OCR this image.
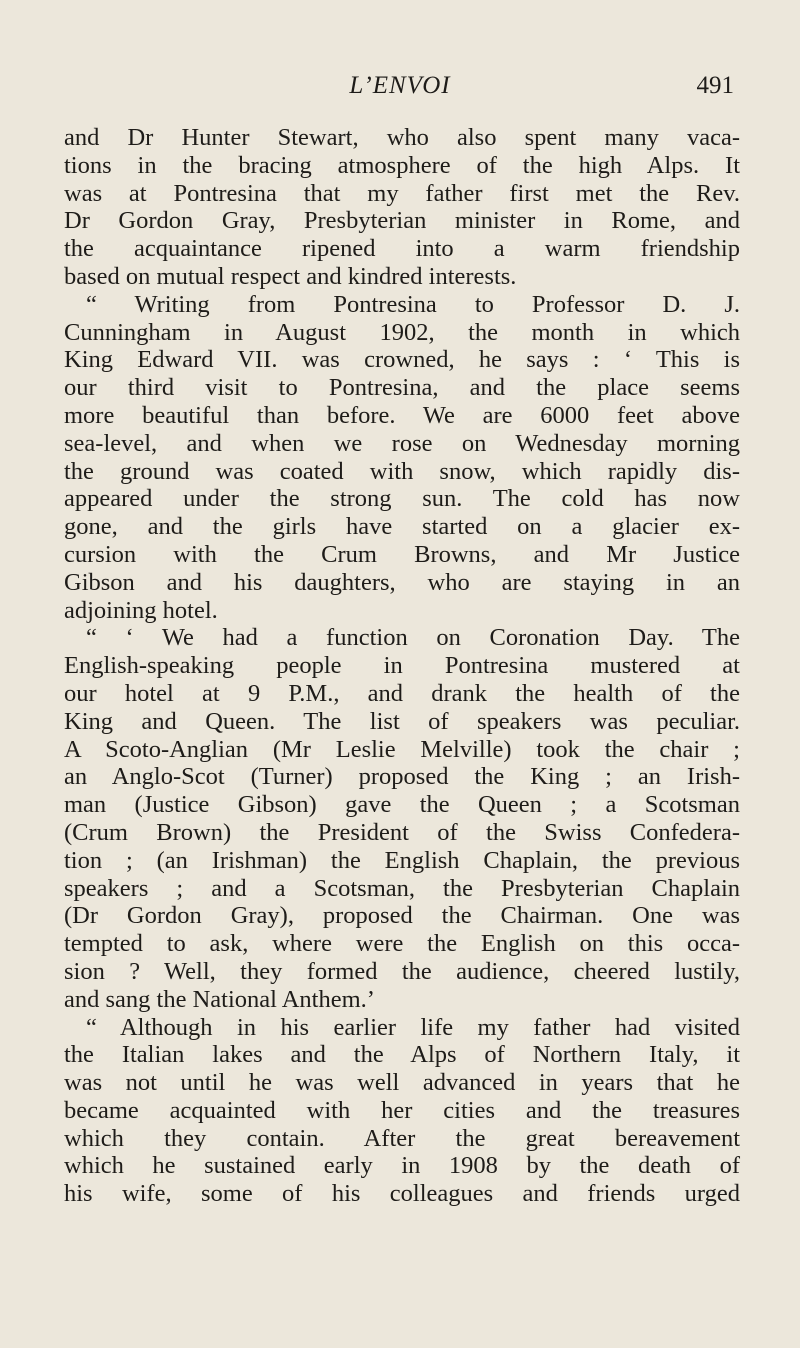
L’ENVOI	491
and Dr Hunter Stewart, who also spent many vaca-
tions in the bracing atmosphere of the high Alps. It
was at Pontresina that my father first met the Rev.
Dr Gordon Gray, Presbyterian minister in Rome, and
the acquaintance ripened into a warm friendship
based on mutual respect and kindred interests.
“ Writing from Pontresina to Professor D. J.
Cunningham in August 1902, the month in which
King Edward VII. was crowned, he says : ‘ This is
our third visit to Pontresina, and the place seems
more beautiful than before. We are 6000 feet above
sea-level, and when we rose on Wednesday morning
the ground was coated with snow, which rapidly dis-
appeared under the strong sun. The cold has now
gone, and the girls have started on a glacier ex-
cursion with the Crum Browns, and Mr Justice
Gibson and his daughters, who are staying in an
adjoining hotel.
“ ‘ We had a function on Coronation Day. The
English-speaking people in Pontresina mustered at
our hotel at 9 P.M., and drank the health of the
King and Queen. The list of speakers was peculiar.
A Scoto-Anglian (Mr Leslie Melville) took the chair ;
an Anglo-Scot (Turner) proposed the King ; an Irish-
man (Justice Gibson) gave the Queen ; a Scotsman
(Crum Brown) the President of the Swiss Confedera-
tion ; (an Irishman) the English Chaplain, the previous
speakers ; and a Scotsman, the Presbyterian Chaplain
(Dr Gordon Gray), proposed the Chairman. One was
tempted to ask, where were the English on this occa-
sion ? Well, they formed the audience, cheered lustily,
and sang the National Anthem.’
“ Although in his earlier life my father had visited
the Italian lakes and the Alps of Northern Italy, it
was not until he was well advanced in years that he
became acquainted with her cities and the treasures
which they contain. After the great bereavement
which he sustained early in 1908 by the death of
his wife, some of his colleagues and friends urged
